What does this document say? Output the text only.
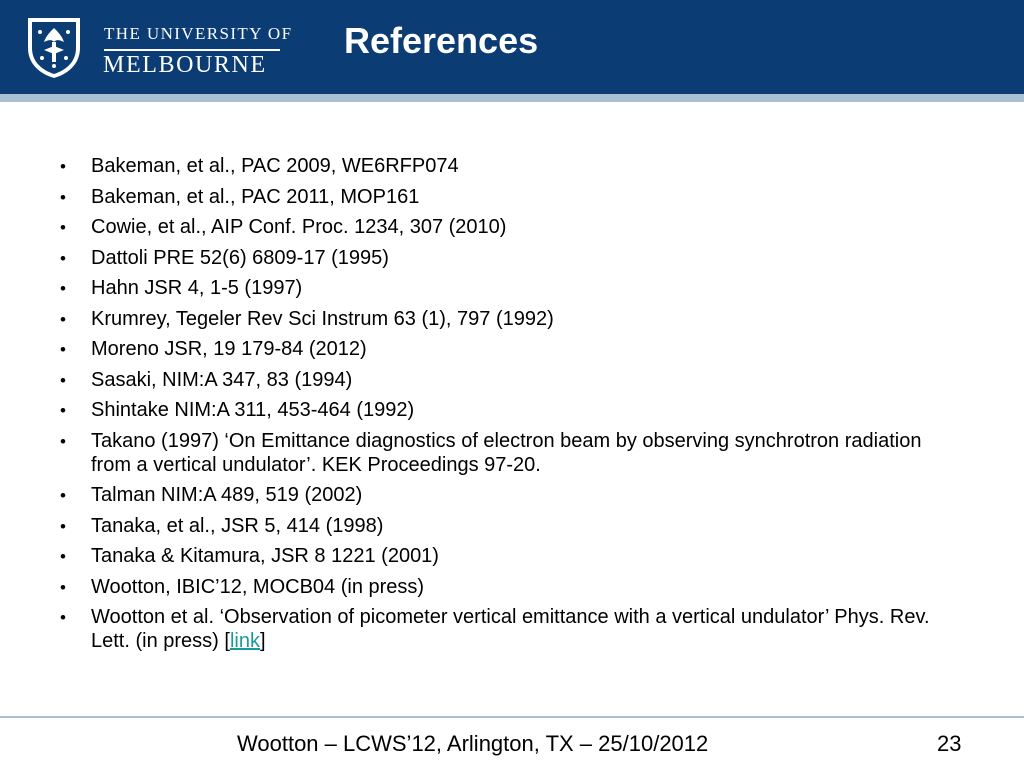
THE UNIVERSITY OF
MELBOURNE
References
• Bakeman, et al., PAC 2009, WE6RFP074
• Bakeman, et al., PAC 2011, MOP161
• Cowie, et al., AIP Conf. Proc. 1234, 307 (2010)
• Dattoli PRE 52(6) 6809-17 (1995)
• Hahn JSR 4, 1-5 (1997)
• Krumrey, Tegeler Rev Sci Instrum 63 (1), 797 (1992)
• Moreno JSR, 19 179-84 (2012)
• Sasaki, NIM:A 347, 83 (1994)
• Shintake NIM:A 311, 453-464 (1992)
• Takano (1997) ‘On Emittance diagnostics of electron beam by observing synchrotron radiation from a vertical undulator’. KEK Proceedings 97-20.
• Talman NIM:A 489, 519 (2002)
• Tanaka, et al., JSR 5, 414 (1998)
• Tanaka & Kitamura, JSR 8 1221 (2001)
• Wootton, IBIC’12, MOCB04 (in press)
• Wootton et al. ‘Observation of picometer vertical emittance with a vertical undulator’ Phys. Rev. Lett. (in press) [link]
Wootton – LCWS’12, Arlington, TX – 25/10/2012	23
